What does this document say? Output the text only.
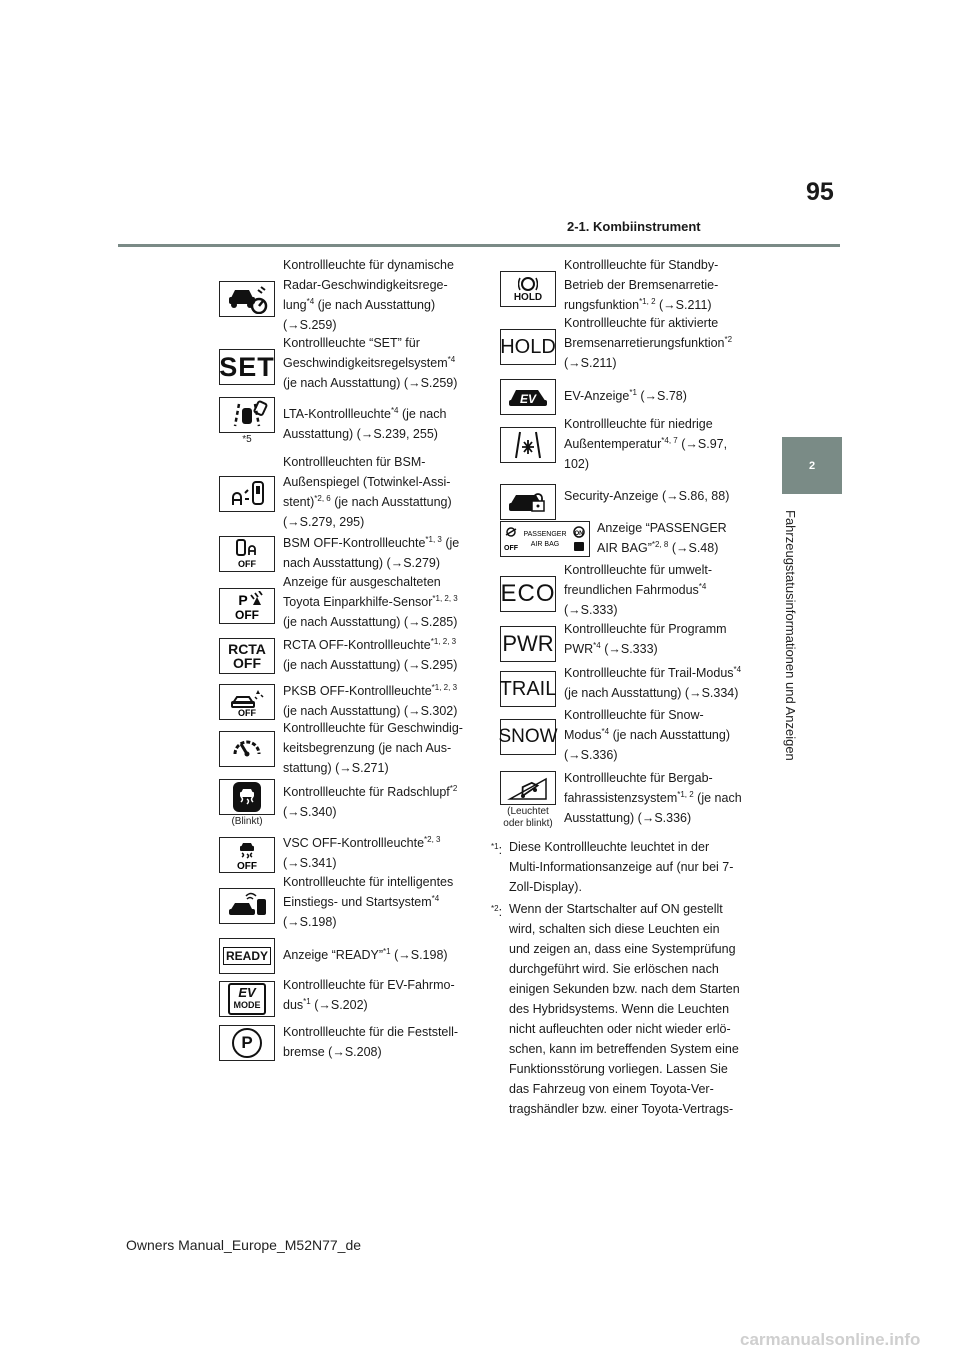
95
2-1. Kombiinstrument
2
Fahrzeugstatusinformationen und Anzeigen
Kontrollleuchte für dynamische
Radar-Geschwindigkeitsrege-
lung$^{*4}$ (je nach Ausstattung)
(→S.259)
SET
Kontrollleuchte “SET” für
Geschwindigkeitsregelsystem$^{*4}$
(je nach Ausstattung) (→S.259)
*5
LTA-Kontrollleuchte$^{*4}$ (je nach
Ausstattung) (→S.239, 255)
Kontrollleuchten für BSM-
Außenspiegel (Totwinkel-Assi-
stent)$^{*2, 6}$ (je nach Ausstattung)
(→S.279, 295)
OFF
BSM OFF-Kontrollleuchte$^{*1, 3}$ (je
nach Ausstattung) (→S.279)
P
OFF
Anzeige für ausgeschalteten
Toyota Einparkhilfe-Sensor$^{*1, 2, 3}$
(je nach Ausstattung) (→S.285)
RCTA
OFF
RCTA OFF-Kontrollleuchte$^{*1, 2, 3}$
(je nach Ausstattung) (→S.295)
OFF
PKSB OFF-Kontrollleuchte$^{*1, 2, 3}$
(je nach Ausstattung) (→S.302)
Kontrollleuchte für Geschwindig-
keitsbegrenzung (je nach Aus-
stattung) (→S.271)
(Blinkt)
Kontrollleuchte für Radschlupf$^{*2}$
(→S.340)
OFF
VSC OFF-Kontrollleuchte$^{*2, 3}$
(→S.341)
Kontrollleuchte für intelligentes
Einstiegs- und Startsystem$^{*4}$
(→S.198)
READY Anzeige “READY”$^{*1}$ (→S.198)
EV
MODE
Kontrollleuchte für EV-Fahrmo-
dus$^{*1}$ (→S.202)
P
Kontrollleuchte für die Feststell-
bremse (→S.208)
HOLD
Kontrollleuchte für Standby-
Betrieb der Bremsenarretie-
rungsfunktion$^{*1, 2}$ (→S.211)
HOLD
Kontrollleuchte für aktivierte
Bremsenarretierungsfunktion$^{*2}$
(→S.211)
EV EV-Anzeige$^{*1}$ (→S.78)
Kontrollleuchte für niedrige
Außentemperatur$^{*4, 7}$ (→S.97,
102)
Security-Anzeige (→S.86, 88)
OFF
PASSENGER
AIR BAG
ON Anzeige “PASSENGER
AIR BAG”$^{*2, 8}$ (→S.48)
ECO
Kontrollleuchte für umwelt-
freundlichen Fahrmodus$^{*4}$
(→S.333)
PWR
Kontrollleuchte für Programm
PWR$^{*4}$ (→S.333)
TRAIL
Kontrollleuchte für Trail-Modus$^{*4}$
(je nach Ausstattung) (→S.334)
SNOW
Kontrollleuchte für Snow-
Modus$^{*4}$ (je nach Ausstattung)
(→S.336)
(Leuchtet
oder blinkt)
Kontrollleuchte für Bergab-
fahrassistenzsystem$^{*1, 2}$ (je nach
Ausstattung) (→S.336)
$^{*1}$: Diese Kontrollleuchte leuchtet in der
Multi-Informationsanzeige auf (nur bei 7-
Zoll-Display).
$^{*2}$: Wenn der Startschalter auf ON gestellt
wird, schalten sich diese Leuchten ein
und zeigen an, dass eine Systemprüfung
durchgeführt wird. Sie erlöschen nach
einigen Sekunden bzw. nach dem Starten
des Hybridsystems. Wenn die Leuchten
nicht aufleuchten oder nicht wieder erlö-
schen, kann im betreffenden System eine
Funktionsstörung vorliegen. Lassen Sie
das Fahrzeug von einem Toyota-Ver-
tragshändler bzw. einer Toyota-Vertrags-
Owners Manual_Europe_M52N77_de
carmanualsonline.info
